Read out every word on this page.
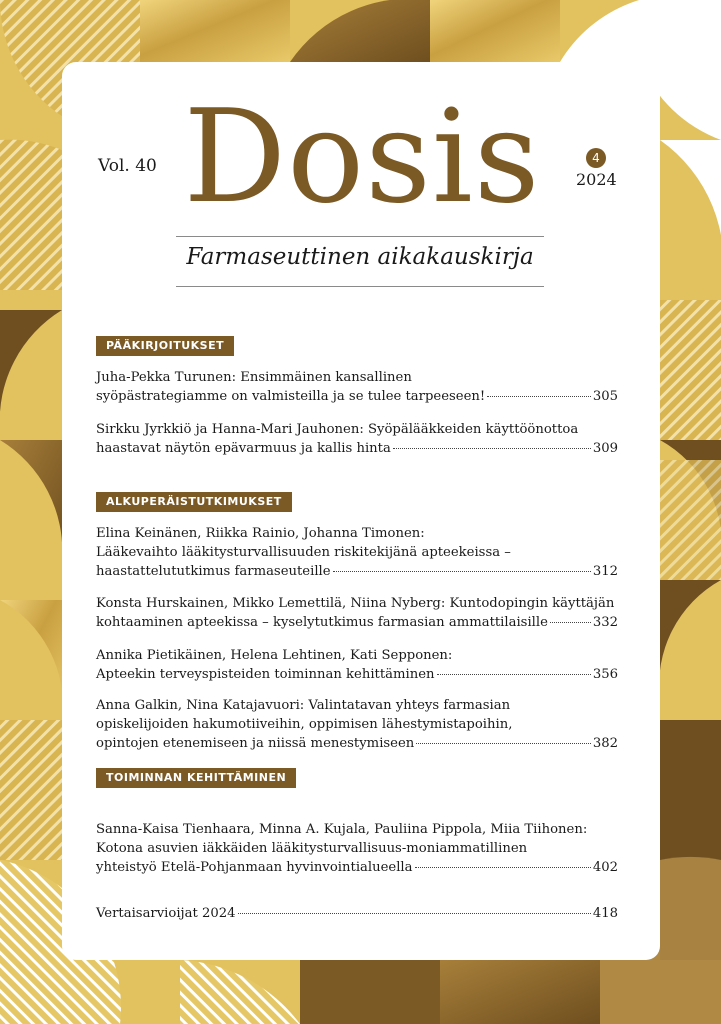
Vol. 40 Dosis	4
2024
Farmaseuttinen aikakauskirja
PÄÄKIRJOITUKSET
ALKUPERÄISTUTKIMUKSET
TOIMINNAN KEHITTÄMINEN
Juha-Pekka Turunen: Ensimmäinen kansallinen
syöpästrategiamme on valmisteilla ja se tulee tarpeeseen!	305
Sirkku Jyrkkiö ja Hanna-Mari Jauhonen: Syöpälääkkeiden käyttöönottoa
haastavat näytön epävarmuus ja kallis hinta	309
Elina Keinänen, Riikka Rainio, Johanna Timonen:
Lääkevaihto lääkitysturvallisuuden riskitekijänä apteekeissa –
haastattelututkimus farmaseuteille	312
Konsta Hurskainen, Mikko Lemettilä, Niina Nyberg: Kuntodopingin käyttäjän
kohtaaminen apteekissa – kyselytutkimus farmasian ammattilaisille	332
Annika Pietikäinen, Helena Lehtinen, Kati Sepponen:
Apteekin terveyspisteiden toiminnan kehittäminen	356
Anna Galkin, Nina Katajavuori: Valintatavan yhteys farmasian
opiskelijoiden hakumotiiveihin, oppimisen lähestymistapoihin,
opintojen etenemiseen ja niissä menestymiseen	382
Sanna-Kaisa Tienhaara, Minna A. Kujala, Pauliina Pippola, Miia Tiihonen:
Kotona asuvien iäkkäiden lääkitysturvallisuus-moniammatillinen
yhteistyö Etelä-Pohjanmaan hyvinvointialueella	402
Vertaisarvioijat 2024	418
